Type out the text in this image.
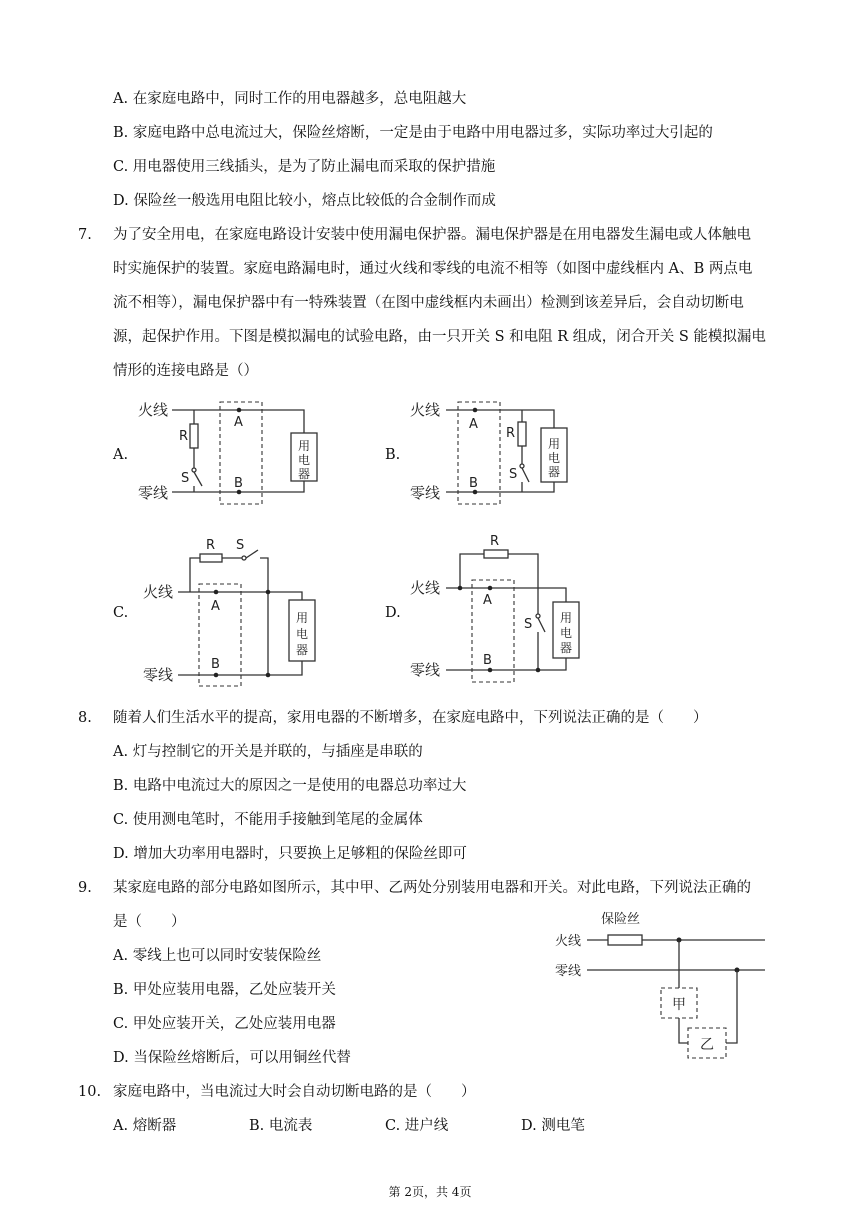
A. 在家庭电路中，同时工作的用电器越多，总电阻越大
B. 家庭电路中总电流过大，保险丝熔断，一定是由于电路中用电器过多，实际功率过大引起的
C. 用电器使用三线插头，是为了防止漏电而采取的保护措施
D. 保险丝一般选用电阻比较小，熔点比较低的合金制作而成
7. 为了安全用电，在家庭电路设计安装中使用漏电保护器。漏电保护器是在用电器发生漏电或人体触电
时实施保护的装置。家庭电路漏电时，通过火线和零线的电流不相等（如图中虚线框内 A、B 两点电
流不相等），漏电保护器中有一特殊装置（在图中虚线框内未画出）检测到该差异后，会自动切断电
源，起保护作用。下图是模拟漏电的试验电路，由一只开关 S 和电阻 R 组成，闭合开关 S 能模拟漏电
情形的连接电路是（）
A.	B.
C.	D.
火线
零线
用
电
器
A
B
R
S
火线
零线
用
电
器
A
B
R
S
火线
零线
用
电
器
A
B
R S
火线
零线
用
电
器
A
B
R
S
8. 随着人们生活水平的提高，家用电器的不断增多，在家庭电路中，下列说法正确的是（　　）
A. 灯与控制它的开关是并联的，与插座是串联的
B. 电路中电流过大的原因之一是使用的电器总功率过大
C. 使用测电笔时，不能用手接触到笔尾的金属体
D. 增加大功率用电器时，只要换上足够粗的保险丝即可
9. 某家庭电路的部分电路如图所示，其中甲、乙两处分别装用电器和开关。对此电路，下列说法正确的
是（　　）
A. 零线上也可以同时安装保险丝
B. 甲处应装用电器，乙处应装开关
C. 甲处应装开关，乙处应装用电器
D. 当保险丝熔断后，可以用铜丝代替
保险丝
火线
零线
甲
乙
10. 家庭电路中，当电流过大时会自动切断电路的是（　　）
A. 熔断器	B. 电流表	C. 进户线	D. 测电笔
第 2页，共 4页
